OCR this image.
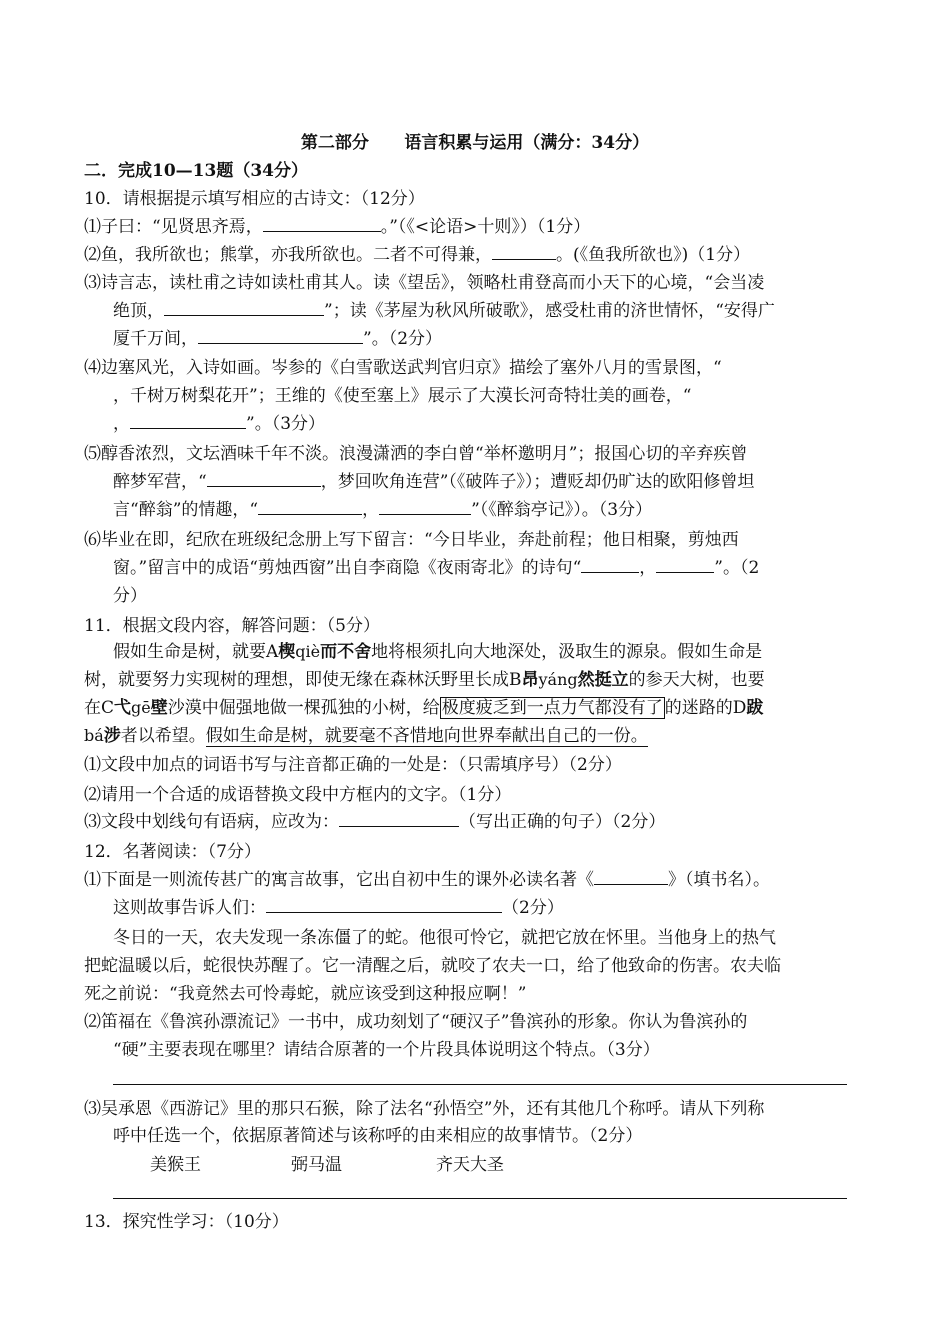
第二部分      语言积累与运用（满分：34分）
二．完成10—13题（34分）
10．请根据提示填写相应的古诗文：（12分）
⑴子曰：“见贤思齐焉，	。”（《<论语>十则》）（1分）
⑵鱼，我所欲也；熊掌，亦我所欲也。二者不可得兼，	。(《鱼我所欲也》)（1分）
⑶诗言志，读杜甫之诗如读杜甫其人。读《望岳》，领略杜甫登高而小天下的心境，“会当凌
绝顶，	”；读《茅屋为秋风所破歌》，感受杜甫的济世情怀，“安得广
厦千万间，	”。（2分）
⑷边塞风光，入诗如画。岑参的《白雪歌送武判官归京》描绘了塞外八月的雪景图，“
，千树万树梨花开”；王维的《使至塞上》展示了大漠长河奇特壮美的画卷，“
，	”。（3分）
⑸醇香浓烈，文坛酒味千年不淡。浪漫潇洒的李白曾“举杯邀明月”；报国心切的辛弃疾曾
醉梦军营，“	，梦回吹角连营”（《破阵子》）；遭贬却仍旷达的欧阳修曾坦
言“醉翁”的情趣，“	，	”（《醉翁亭记》）。（3分）
⑹毕业在即，纪欣在班级纪念册上写下留言：“今日毕业，奔赴前程；他日相聚，剪烛西
窗。”留言中的成语“剪烛西窗”出自李商隐《夜雨寄北》的诗句“	，	”。（2
分）
11．根据文段内容，解答问题：（5分）
假如生命是树，就要A楔qiè而不舍地将根须扎向大地深处，汲取生的源泉。假如生命是
树，就要努力实现树的理想，即使无缘在森林沃野里长成B昂yáng然挺立的参天大树，也要
在C弋gē壁沙漠中倔强地做一棵孤独的小树，给 极度疲乏到一点力气都没有了 的迷路的D跋
bá涉者以希望。假如生命是树，就要毫不吝惜地向世界奉献出自己的一份。
⑴文段中加点的词语书写与注音都正确的一处是：（只需填序号）（2分）
⑵请用一个合适的成语替换文段中方框内的文字。（1分）
⑶文段中划线句有语病，应改为：	（写出正确的句子）（2分）
12．名著阅读：（7分）
⑴下面是一则流传甚广的寓言故事，它出自初中生的课外必读名著《	》（填书名）。
这则故事告诉人们：	（2分）
冬日的一天，农夫发现一条冻僵了的蛇。他很可怜它，就把它放在怀里。当他身上的热气
把蛇温暖以后，蛇很快苏醒了。它一清醒之后，就咬了农夫一口，给了他致命的伤害。农夫临
死之前说：“我竟然去可怜毒蛇，就应该受到这种报应啊！”
⑵笛福在《鲁滨孙漂流记》一书中，成功刻划了“硬汉子”鲁滨孙的形象。你认为鲁滨孙的
“硬”主要表现在哪里？请结合原著的一个片段具体说明这个特点。（3分）
⑶吴承恩《西游记》里的那只石猴，除了法名“孙悟空”外，还有其他几个称呼。请从下列称
呼中任选一个，依据原著简述与该称呼的由来相应的故事情节。（2分）
美猴王	弼马温	齐天大圣
13．探究性学习：（10分）
